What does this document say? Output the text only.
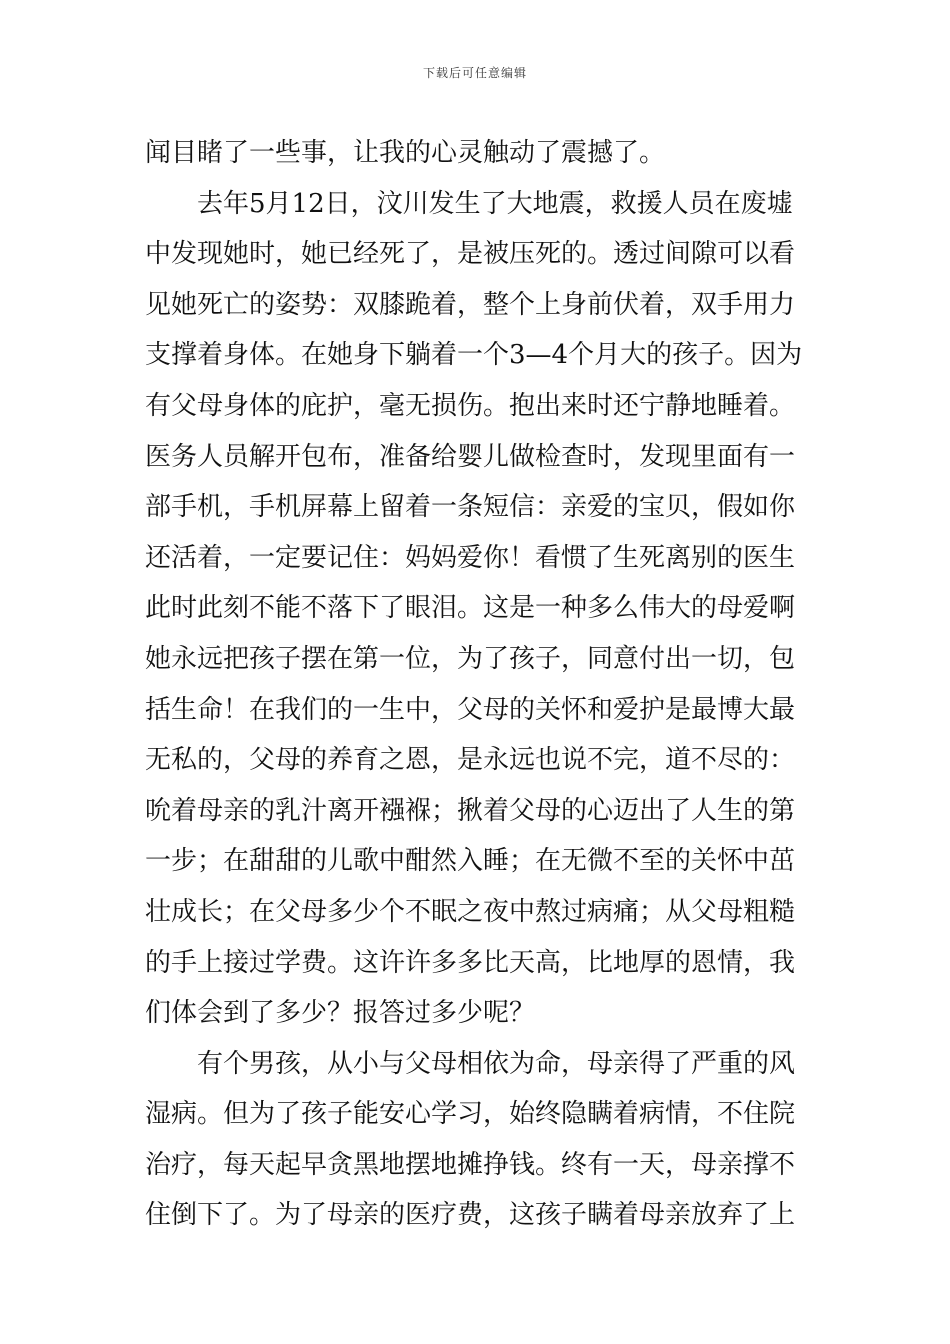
下载后可任意编辑
闻目睹了一些事，让我的心灵触动了震撼了。
去年5月12日，汶川发生了大地震，救援人员在废墟
中发现她时，她已经死了，是被压死的。透过间隙可以看
见她死亡的姿势：双膝跪着，整个上身前伏着，双手用力
支撑着身体。在她身下躺着一个3—4个月大的孩子。因为
有父母身体的庇护，毫无损伤。抱出来时还宁静地睡着。
医务人员解开包布，准备给婴儿做检查时，发现里面有一
部手机，手机屏幕上留着一条短信：亲爱的宝贝，假如你
还活着，一定要记住：妈妈爱你！看惯了生死离别的医生
此时此刻不能不落下了眼泪。这是一种多么伟大的母爱啊
她永远把孩子摆在第一位，为了孩子，同意付出一切，包
括生命！在我们的一生中，父母的关怀和爱护是最博大最
无私的，父母的养育之恩，是永远也说不完，道不尽的：
吮着母亲的乳汁离开襁褓；揪着父母的心迈出了人生的第
一步；在甜甜的儿歌中酣然入睡；在无微不至的关怀中茁
壮成长；在父母多少个不眠之夜中熬过病痛；从父母粗糙
的手上接过学费。这许许多多比天高，比地厚的恩情，我
们体会到了多少？报答过多少呢？
有个男孩，从小与父母相依为命，母亲得了严重的风
湿病。但为了孩子能安心学习，始终隐瞒着病情，不住院
治疗，每天起早贪黑地摆地摊挣钱。终有一天，母亲撑不
住倒下了。为了母亲的医疗费，这孩子瞒着母亲放弃了上
